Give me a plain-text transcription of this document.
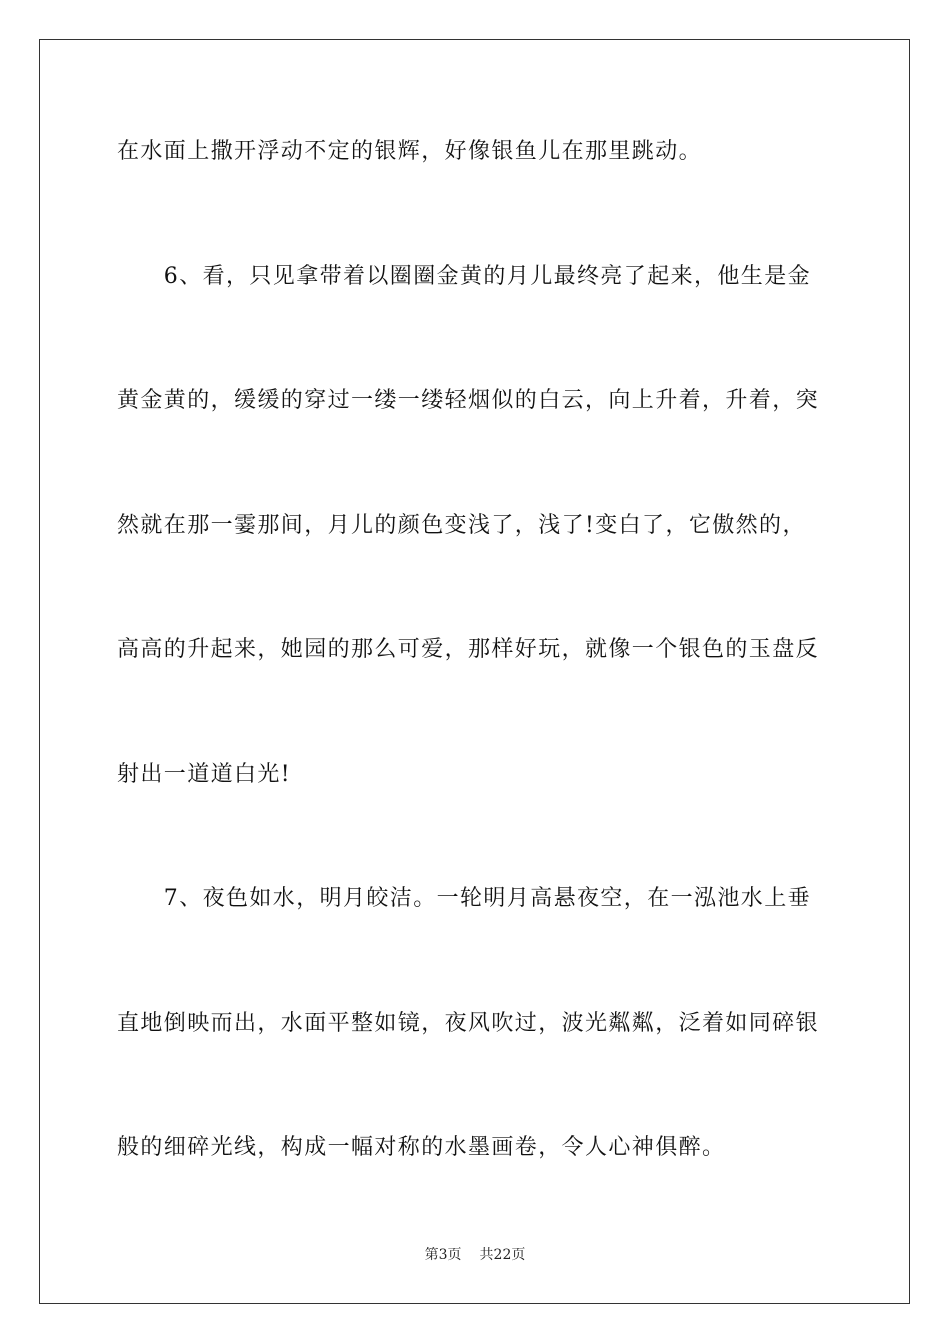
在水面上撒开浮动不定的银辉，好像银鱼儿在那里跳动。
　　6、看，只见拿带着以圈圈金黄的月儿最终亮了起来，他生是金
黄金黄的，缓缓的穿过一缕一缕轻烟似的白云，向上升着，升着，突
然就在那一霎那间，月儿的颜色变浅了，浅了!变白了，它傲然的，
高高的升起来，她园的那么可爱，那样好玩，就像一个银色的玉盘反
射出一道道白光!
　　7、夜色如水，明月皎洁。一轮明月高悬夜空，在一泓池水上垂
直地倒映而出，水面平整如镜，夜风吹过，波光粼粼，泛着如同碎银
般的细碎光线，构成一幅对称的水墨画卷，令人心神俱醉。
第3页 共22页
